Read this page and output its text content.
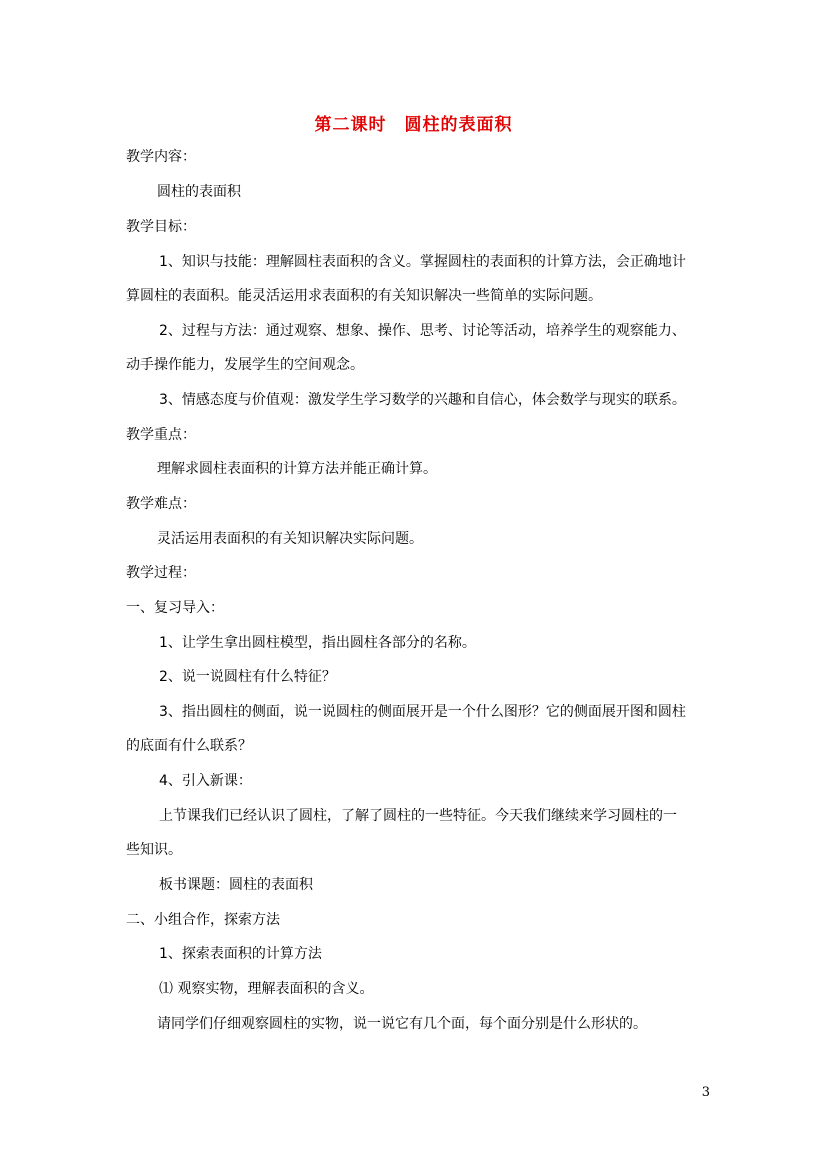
第二课时　圆柱的表面积
教学内容：
圆柱的表面积
教学目标：
1、知识与技能：理解圆柱表面积的含义。掌握圆柱的表面积的计算方法，会正确地计
算圆柱的表面积。能灵活运用求表面积的有关知识解决一些简单的实际问题。
2、过程与方法：通过观察、想象、操作、思考、讨论等活动，培养学生的观察能力、
动手操作能力，发展学生的空间观念。
3、情感态度与价值观：激发学生学习数学的兴趣和自信心，体会数学与现实的联系。
教学重点：
理解求圆柱表面积的计算方法并能正确计算。
教学难点：
灵活运用表面积的有关知识解决实际问题。
教学过程：
一、复习导入：
1、让学生拿出圆柱模型，指出圆柱各部分的名称。
2、说一说圆柱有什么特征？
3、指出圆柱的侧面，说一说圆柱的侧面展开是一个什么图形？它的侧面展开图和圆柱
的底面有什么联系？
4、引入新课：
上节课我们已经认识了圆柱，了解了圆柱的一些特征。今天我们继续来学习圆柱的一
些知识。
板书课题：圆柱的表面积
二、小组合作，探索方法
1、探索表面积的计算方法
⑴ 观察实物，理解表面积的含义。
请同学们仔细观察圆柱的实物，说一说它有几个面，每个面分别是什么形状的。
3
